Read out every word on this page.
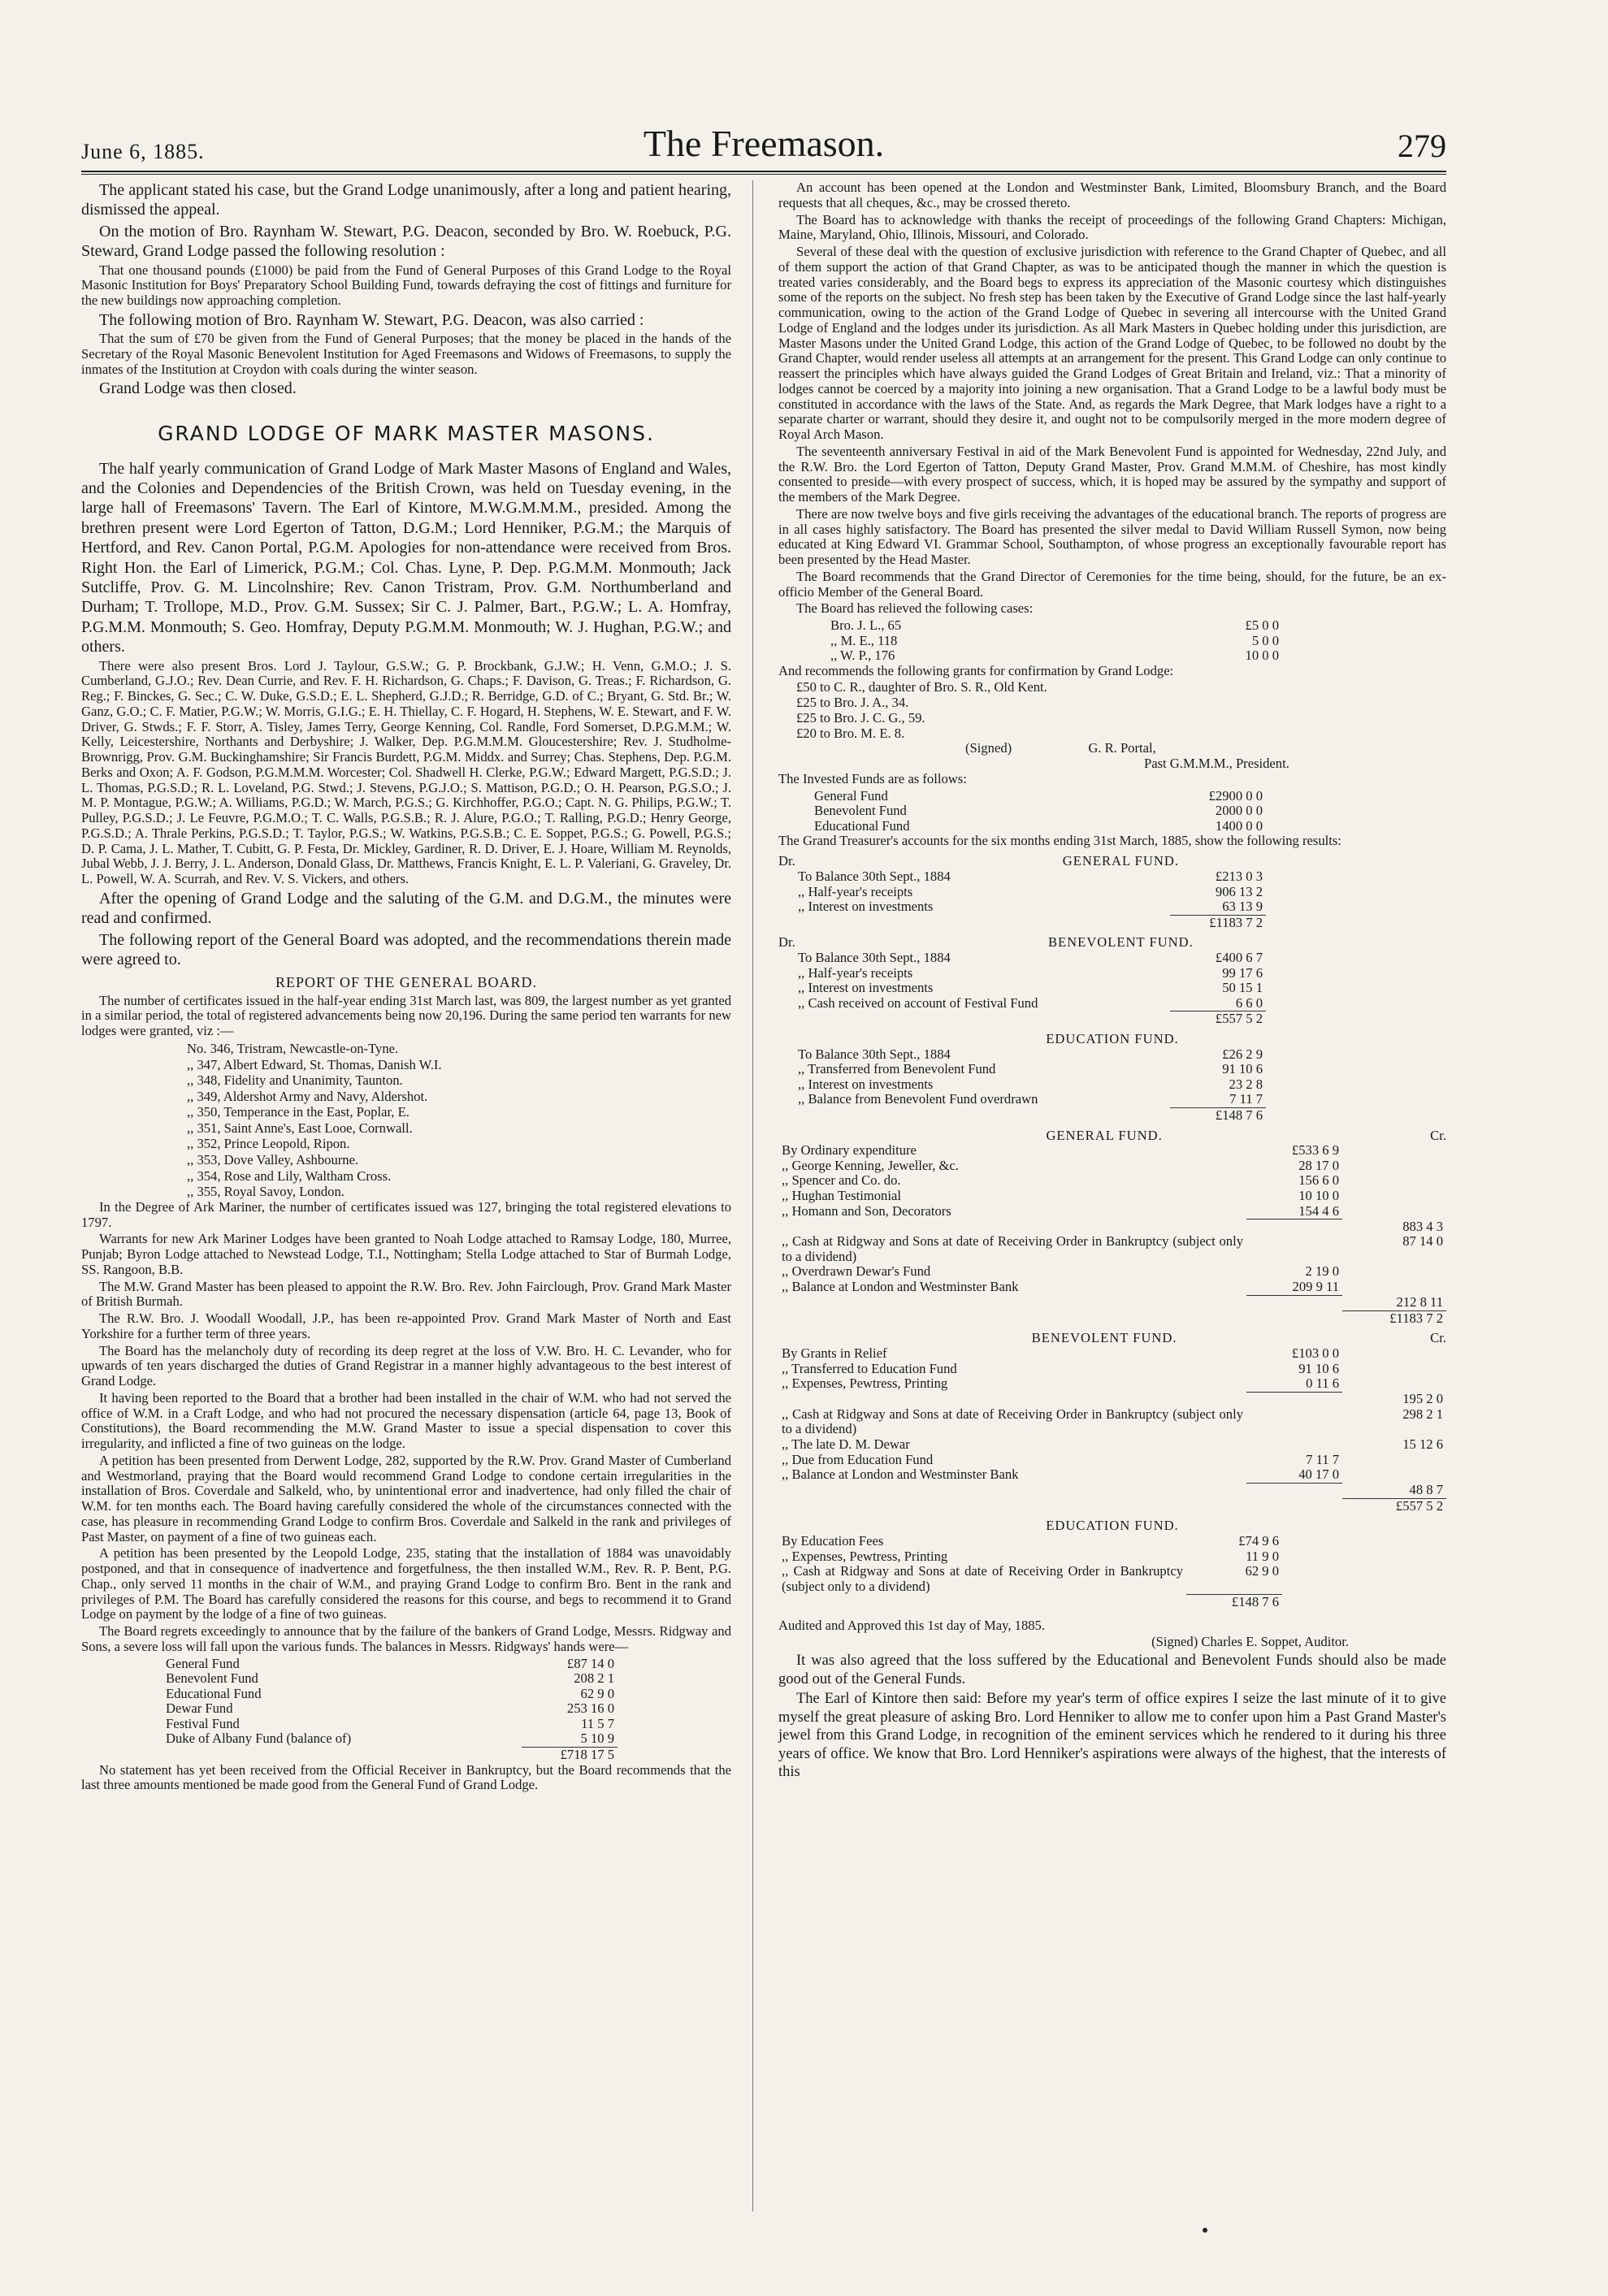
June 6, 1885.	The Freemason.	279

The applicant stated his case, but the Grand Lodge unanimously, after a long and patient hearing, dismissed the appeal.

On the motion of Bro. Raynham W. Stewart, P.G. Deacon, seconded by Bro. W. Roebuck, P.G. Steward, Grand Lodge passed the following resolution :

That one thousand pounds (£1000) be paid from the Fund of General Purposes of this Grand Lodge to the Royal Masonic Institution for Boys' Preparatory School Building Fund, towards defraying the cost of fittings and furniture for the new buildings now approaching completion.

The following motion of Bro. Raynham W. Stewart, P.G. Deacon, was also carried :

That the sum of £70 be given from the Fund of General Purposes; that the money be placed in the hands of the Secretary of the Royal Masonic Benevolent Institution for Aged Freemasons and Widows of Freemasons, to supply the inmates of the Institution at Croydon with coals during the winter season.

Grand Lodge was then closed.

GRAND LODGE OF MARK MASTER MASONS.

The half yearly communication of Grand Lodge of Mark Master Masons of England and Wales, and the Colonies and Dependencies of the British Crown, was held on Tuesday evening, in the large hall of Freemasons' Tavern. The Earl of Kintore, M.W.G.M.M.M., presided. Among the brethren present were Lord Egerton of Tatton, D.G.M.; Lord Henniker, P.G.M.; the Marquis of Hertford, and Rev. Canon Portal, P.G.M. Apologies for non-attendance were received from Bros. Right Hon. the Earl of Limerick, P.G.M.; Col. Chas. Lyne, P. Dep. P.G.M.M. Monmouth; Jack Sutcliffe, Prov. G. M. Lincolnshire; Rev. Canon Tristram, Prov. G.M. Northumberland and Durham; T. Trollope, M.D., Prov. G.M. Sussex; Sir C. J. Palmer, Bart., P.G.W.; L. A. Homfray, P.G.M.M. Monmouth; S. Geo. Homfray, Deputy P.G.M.M. Monmouth; W. J. Hughan, P.G.W.; and others.

There were also present Bros. Lord J. Taylour, G.S.W.; G. P. Brockbank, G.J.W.; H. Venn, G.M.O.; J. S. Cumberland, G.J.O.; Rev. Dean Currie, and Rev. F. H. Richardson, G. Chaps.; F. Davison, G. Treas.; F. Richardson, G. Reg.; F. Binckes, G. Sec.; C. W. Duke, G.S.D.; E. L. Shepherd, G.J.D.; R. Berridge, G.D. of C.; Bryant, G. Std. Br.; W. Ganz, G.O.; C. F. Matier, P.G.W.; W. Morris, G.I.G.; E. H. Thiellay, C. F. Hogard, H. Stephens, W. E. Stewart, and F. W. Driver, G. Stwds.; F. F. Storr, A. Tisley, James Terry, George Kenning, Col. Randle, Ford Somerset, D.P.G.M.M.; W. Kelly, Leicestershire, Northants and Derbyshire; J. Walker, Dep. P.G.M.M.M. Gloucestershire; Rev. J. Studholme-Brownrigg, Prov. G.M. Buckinghamshire; Sir Francis Burdett, P.G.M. Middx. and Surrey; Chas. Stephens, Dep. P.G.M. Berks and Oxon; A. F. Godson, P.G.M.M.M. Worcester; Col. Shadwell H. Clerke, P.G.W.; Edward Margett, P.G.S.D.; J. L. Thomas, P.G.S.D.; R. L. Loveland, P.G. Stwd.; J. Stevens, P.G.J.O.; S. Mattison, P.G.D.; O. H. Pearson, P.G.S.O.; J. M. P. Montague, P.G.W.; A. Williams, P.G.D.; W. March, P.G.S.; G. Kirchhoffer, P.G.O.; Capt. N. G. Philips, P.G.W.; T. Pulley, P.G.S.D.; J. Le Feuvre, P.G.M.O.; T. C. Walls, P.G.S.B.; R. J. Alure, P.G.O.; T. Ralling, P.G.D.; Henry George, P.G.S.D.; A. Thrale Perkins, P.G.S.D.; T. Taylor, P.G.S.; W. Watkins, P.G.S.B.; C. E. Soppet, P.G.S.; G. Powell, P.G.S.; D. P. Cama, J. L. Mather, T. Cubitt, G. P. Festa, Dr. Mickley, Gardiner, R. D. Driver, E. J. Hoare, William M. Reynolds, Jubal Webb, J. J. Berry, J. L. Anderson, Donald Glass, Dr. Matthews, Francis Knight, E. L. P. Valeriani, G. Graveley, Dr. L. Powell, W. A. Scurrah, and Rev. V. S. Vickers, and others.

After the opening of Grand Lodge and the saluting of the G.M. and D.G.M., the minutes were read and confirmed.

The following report of the General Board was adopted, and the recommendations therein made were agreed to.

REPORT OF THE GENERAL BOARD.

The number of certificates issued in the half-year ending 31st March last, was 809, the largest number as yet granted in a similar period, the total of registered advancements being now 20,196. During the same period ten warrants for new lodges were granted, viz :—

No. 346, Tristram, Newcastle-on-Tyne.
,, 347, Albert Edward, St. Thomas, Danish W.I.
,, 348, Fidelity and Unanimity, Taunton.
,, 349, Aldershot Army and Navy, Aldershot.
,, 350, Temperance in the East, Poplar, E.
,, 351, Saint Anne's, East Looe, Cornwall.
,, 352, Prince Leopold, Ripon.
,, 353, Dove Valley, Ashbourne.
,, 354, Rose and Lily, Waltham Cross.
,, 355, Royal Savoy, London.

In the Degree of Ark Mariner, the number of certificates issued was 127, bringing the total registered elevations to 1797.

Warrants for new Ark Mariner Lodges have been granted to Noah Lodge attached to Ramsay Lodge, 180, Murree, Punjab; Byron Lodge attached to Newstead Lodge, T.I., Nottingham; Stella Lodge attached to Star of Burmah Lodge, SS. Rangoon, B.B.

The M.W. Grand Master has been pleased to appoint the R.W. Bro. Rev. John Fairclough, Prov. Grand Mark Master of British Burmah.

The R.W. Bro. J. Woodall Woodall, J.P., has been re-appointed Prov. Grand Mark Master of North and East Yorkshire for a further term of three years.

The Board has the melancholy duty of recording its deep regret at the loss of V.W. Bro. H. C. Levander, who for upwards of ten years discharged the duties of Grand Registrar in a manner highly advantageous to the best interest of Grand Lodge.

It having been reported to the Board that a brother had been installed in the chair of W.M. who had not served the office of W.M. in a Craft Lodge, and who had not procured the necessary dispensation (article 64, page 13, Book of Constitutions), the Board recommending the M.W. Grand Master to issue a special dispensation to cover this irregularity, and inflicted a fine of two guineas on the lodge.

A petition has been presented from Derwent Lodge, 282, supported by the R.W. Prov. Grand Master of Cumberland and Westmorland, praying that the Board would recommend Grand Lodge to condone certain irregularities in the installation of Bros. Coverdale and Salkeld, who, by unintentional error and inadvertence, had only filled the chair of W.M. for ten months each. The Board having carefully considered the whole of the circumstances connected with the case, has pleasure in recommending Grand Lodge to confirm Bros. Coverdale and Salkeld in the rank and privileges of Past Master, on payment of a fine of two guineas each.

A petition has been presented by the Leopold Lodge, 235, stating that the installation of 1884 was unavoidably postponed, and that in consequence of inadvertence and forgetfulness, the then installed W.M., Rev. R. P. Bent, P.G. Chap., only served 11 months in the chair of W.M., and praying Grand Lodge to confirm Bro. Bent in the rank and privileges of P.M. The Board has carefully considered the reasons for this course, and begs to recommend it to Grand Lodge on payment by the lodge of a fine of two guineas.

The Board regrets exceedingly to announce that by the failure of the bankers of Grand Lodge, Messrs. Ridgway and Sons, a severe loss will fall upon the various funds. The balances in Messrs. Ridgways' hands were—

General Fund	£87 14 0
Benevolent Fund	208 2 1
Educational Fund	62 9 0
Dewar Fund	253 16 0
Festival Fund	11 5 7
Duke of Albany Fund (balance of)	5 10 9
	£718 17 5

No statement has yet been received from the Official Receiver in Bankruptcy, but the Board recommends that the last three amounts mentioned be made good from the General Fund of Grand Lodge.

An account has been opened at the London and Westminster Bank, Limited, Bloomsbury Branch, and the Board requests that all cheques, &c., may be crossed thereto.

The Board has to acknowledge with thanks the receipt of proceedings of the following Grand Chapters: Michigan, Maine, Maryland, Ohio, Illinois, Missouri, and Colorado.

Several of these deal with the question of exclusive jurisdiction with reference to the Grand Chapter of Quebec, and all of them support the action of that Grand Chapter, as was to be anticipated though the manner in which the question is treated varies considerably, and the Board begs to express its appreciation of the Masonic courtesy which distinguishes some of the reports on the subject. No fresh step has been taken by the Executive of Grand Lodge since the last half-yearly communication, owing to the action of the Grand Lodge of Quebec in severing all intercourse with the United Grand Lodge of England and the lodges under its jurisdiction. As all Mark Masters in Quebec holding under this jurisdiction, are Master Masons under the United Grand Lodge, this action of the Grand Lodge of Quebec, to be followed no doubt by the Grand Chapter, would render useless all attempts at an arrangement for the present. This Grand Lodge can only continue to reassert the principles which have always guided the Grand Lodges of Great Britain and Ireland, viz.: That a minority of lodges cannot be coerced by a majority into joining a new organisation. That a Grand Lodge to be a lawful body must be constituted in accordance with the laws of the State. And, as regards the Mark Degree, that Mark lodges have a right to a separate charter or warrant, should they desire it, and ought not to be compulsorily merged in the more modern degree of Royal Arch Mason.

The seventeenth anniversary Festival in aid of the Mark Benevolent Fund is appointed for Wednesday, 22nd July, and the R.W. Bro. the Lord Egerton of Tatton, Deputy Grand Master, Prov. Grand M.M.M. of Cheshire, has most kindly consented to preside—with every prospect of success, which, it is hoped may be assured by the sympathy and support of the members of the Mark Degree.

There are now twelve boys and five girls receiving the advantages of the educational branch. The reports of progress are in all cases highly satisfactory. The Board has presented the silver medal to David William Russell Symon, now being educated at King Edward VI. Grammar School, Southampton, of whose progress an exceptionally favourable report has been presented by the Head Master.

The Board recommends that the Grand Director of Ceremonies for the time being, should, for the future, be an ex-officio Member of the General Board.

The Board has relieved the following cases:

Bro. J. L., 65	£5 0 0
,, M. E., 118	5 0 0
,, W. P., 176	10 0 0

And recommends the following grants for confirmation by Grand Lodge:

£50 to C. R., daughter of Bro. S. R., Old Kent.
£25 to Bro. J. A., 34.
£25 to Bro. J. C. G., 59.
£20 to Bro. M. E. 8.
(Signed)	G. R. Portal,
Past G.M.M.M., President.

The Invested Funds are as follows:

General Fund	£2900 0 0
Benevolent Fund	2000 0 0
Educational Fund	1400 0 0

The Grand Treasurer's accounts for the six months ending 31st March, 1885, show the following results:

Dr.	GENERAL FUND.
To Balance 30th Sept., 1884	£213 0 3
,, Half-year's receipts	906 13 2
,, Interest on investments	63 13 9
	£1183 7 2
Dr.	BENEVOLENT FUND.
To Balance 30th Sept., 1884	£400 6 7
,, Half-year's receipts	99 17 6
,, Interest on investments	50 15 1
,, Cash received on account of Festival Fund	6 6 0
	£557 5 2
EDUCATION FUND.
To Balance 30th Sept., 1884	£26 2 9
,, Transferred from Benevolent Fund	91 10 6
,, Interest on investments	23 2 8
,, Balance from Benevolent Fund overdrawn	7 11 7
	£148 7 6
GENERAL FUND.	Cr.
By Ordinary expenditure	£533 6 9	
,, George Kenning, Jeweller, &c.	28 17 0	
,, Spencer and Co. do.	156 6 0	
,, Hughan Testimonial	10 10 0	
,, Homann and Son, Decorators	154 4 6	
		883 4 3
,, Cash at Ridgway and Sons at date of Receiving Order in Bankruptcy (subject only to a dividend)		87 14 0
,, Overdrawn Dewar's Fund	2 19 0	
,, Balance at London and Westminster Bank	209 9 11	
		212 8 11
		£1183 7 2
BENEVOLENT FUND.	Cr.
By Grants in Relief	£103 0 0	
,, Transferred to Education Fund	91 10 6	
,, Expenses, Pewtress, Printing	0 11 6	
		195 2 0
,, Cash at Ridgway and Sons at date of Receiving Order in Bankruptcy (subject only to a dividend)		298 2 1
,, The late D. M. Dewar		15 12 6
,, Due from Education Fund	7 11 7	
,, Balance at London and Westminster Bank	40 17 0	
		48 8 7
		£557 5 2
EDUCATION FUND.
By Education Fees	£74 9 6
,, Expenses, Pewtress, Printing	11 9 0
,, Cash at Ridgway and Sons at date of Receiving Order in Bankruptcy (subject only to a dividend)	62 9 0
	£148 7 6

Audited and Approved this 1st day of May, 1885.

(Signed) Charles E. Soppet, Auditor.

It was also agreed that the loss suffered by the Educational and Benevolent Funds should also be made good out of the General Funds.

The Earl of Kintore then said: Before my year's term of office expires I seize the last minute of it to give myself the great pleasure of asking Bro. Lord Henniker to allow me to confer upon him a Past Grand Master's jewel from this Grand Lodge, in recognition of the eminent services which he rendered to it during his three years of office. We know that Bro. Lord Henniker's aspirations were always of the highest, that the interests of this
